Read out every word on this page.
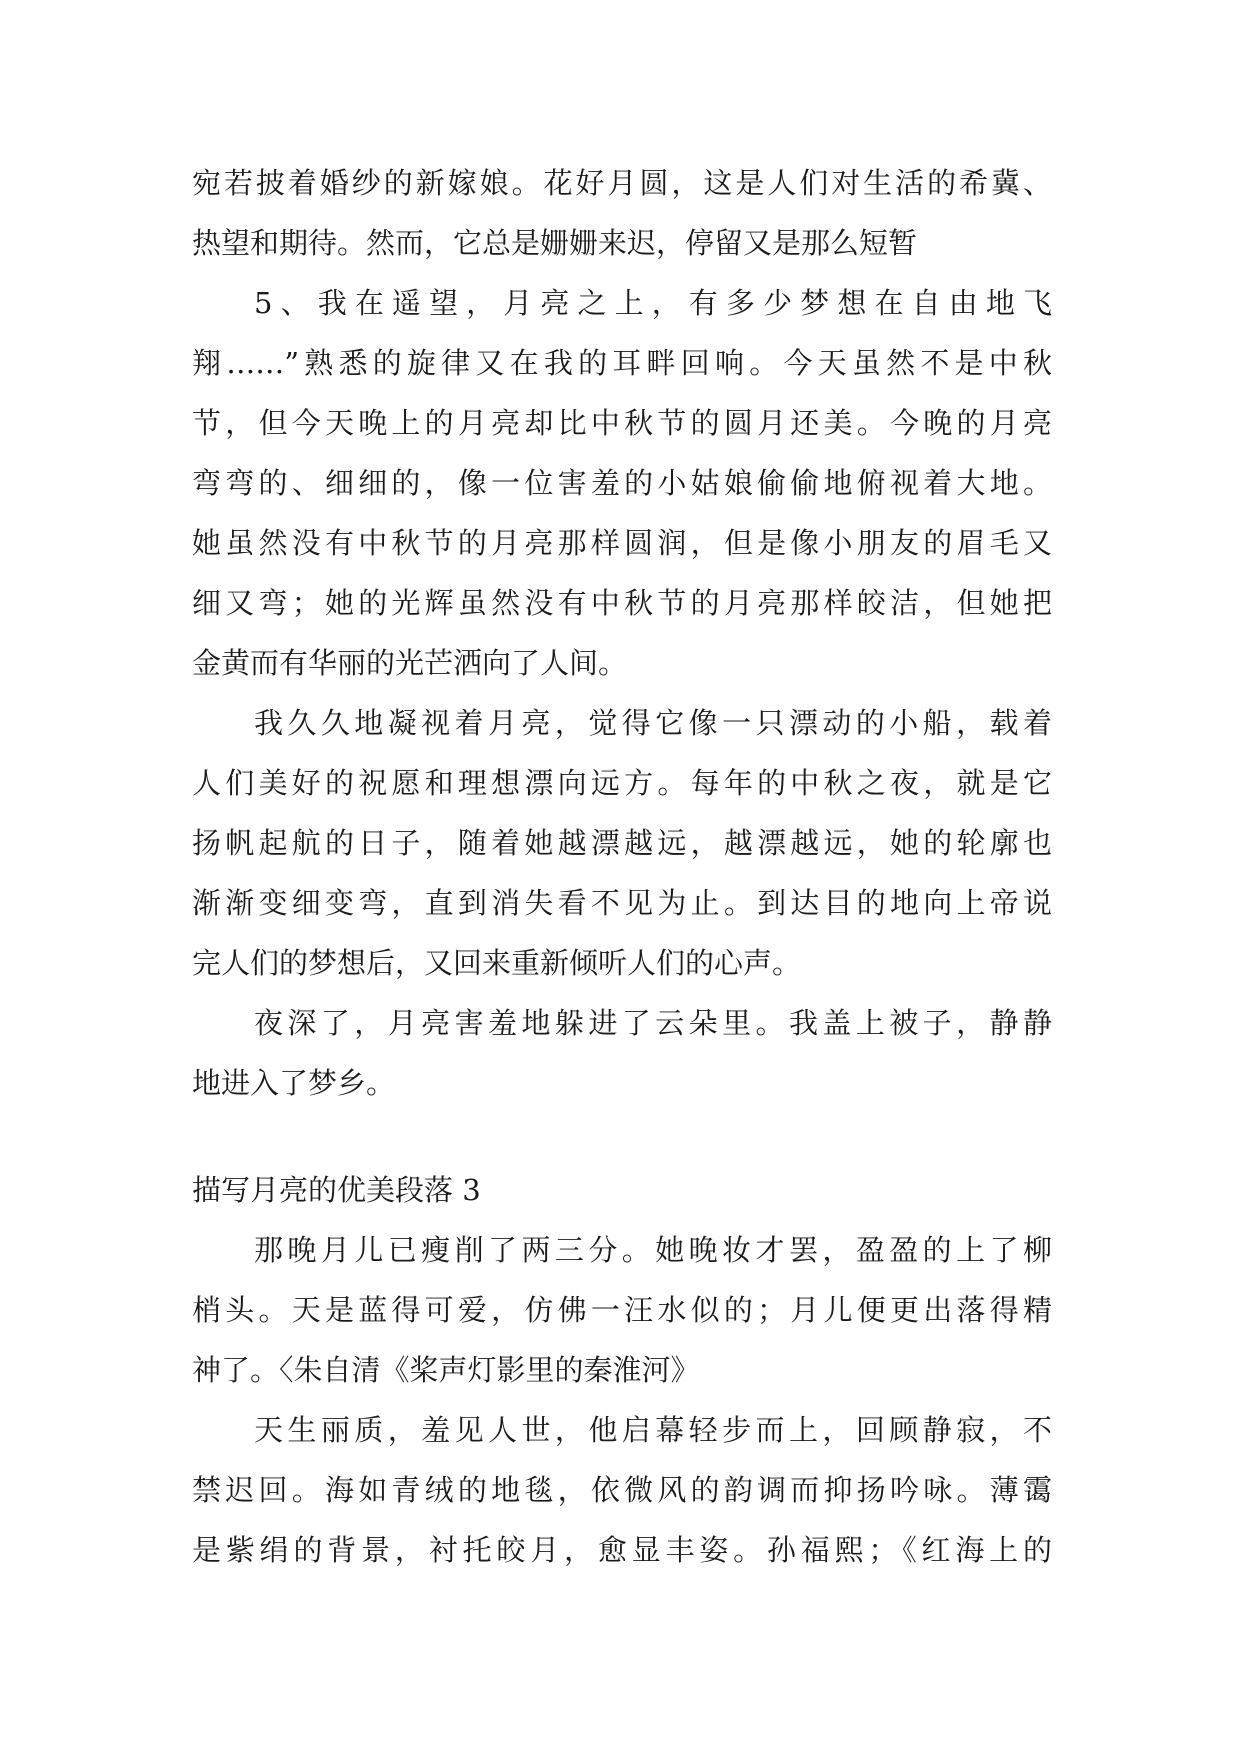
宛若披着婚纱的新嫁娘。花好月圆，这是人们对生活的希冀、
热望和期待。然而，它总是姗姗来迟，停留又是那么短暂
5、我在遥望，月亮之上，有多少梦想在自由地飞
翔……”熟悉的旋律又在我的耳畔回响。今天虽然不是中秋
节，但今天晚上的月亮却比中秋节的圆月还美。今晚的月亮
弯弯的、细细的，像一位害羞的小姑娘偷偷地俯视着大地。
她虽然没有中秋节的月亮那样圆润，但是像小朋友的眉毛又
细又弯；她的光辉虽然没有中秋节的月亮那样皎洁，但她把
金黄而有华丽的光芒洒向了人间。
我久久地凝视着月亮，觉得它像一只漂动的小船，载着
人们美好的祝愿和理想漂向远方。每年的中秋之夜，就是它
扬帆起航的日子，随着她越漂越远，越漂越远，她的轮廓也
渐渐变细变弯，直到消失看不见为止。到达目的地向上帝说
完人们的梦想后，又回来重新倾听人们的心声。
夜深了，月亮害羞地躲进了云朵里。我盖上被子，静静
地进入了梦乡。
描写月亮的优美段落 3
那晚月儿已瘦削了两三分。她晚妆才罢，盈盈的上了柳
梢头。天是蓝得可爱，仿佛一汪水似的；月儿便更出落得精
神了。〈朱自清《桨声灯影里的秦淮河》
天生丽质，羞见人世，他启幕轻步而上，回顾静寂，不
禁迟回。海如青绒的地毯，依微风的韵调而抑扬吟咏。薄霭
是紫绢的背景，衬托皎月，愈显丰姿。孙福熙；《红海上的
